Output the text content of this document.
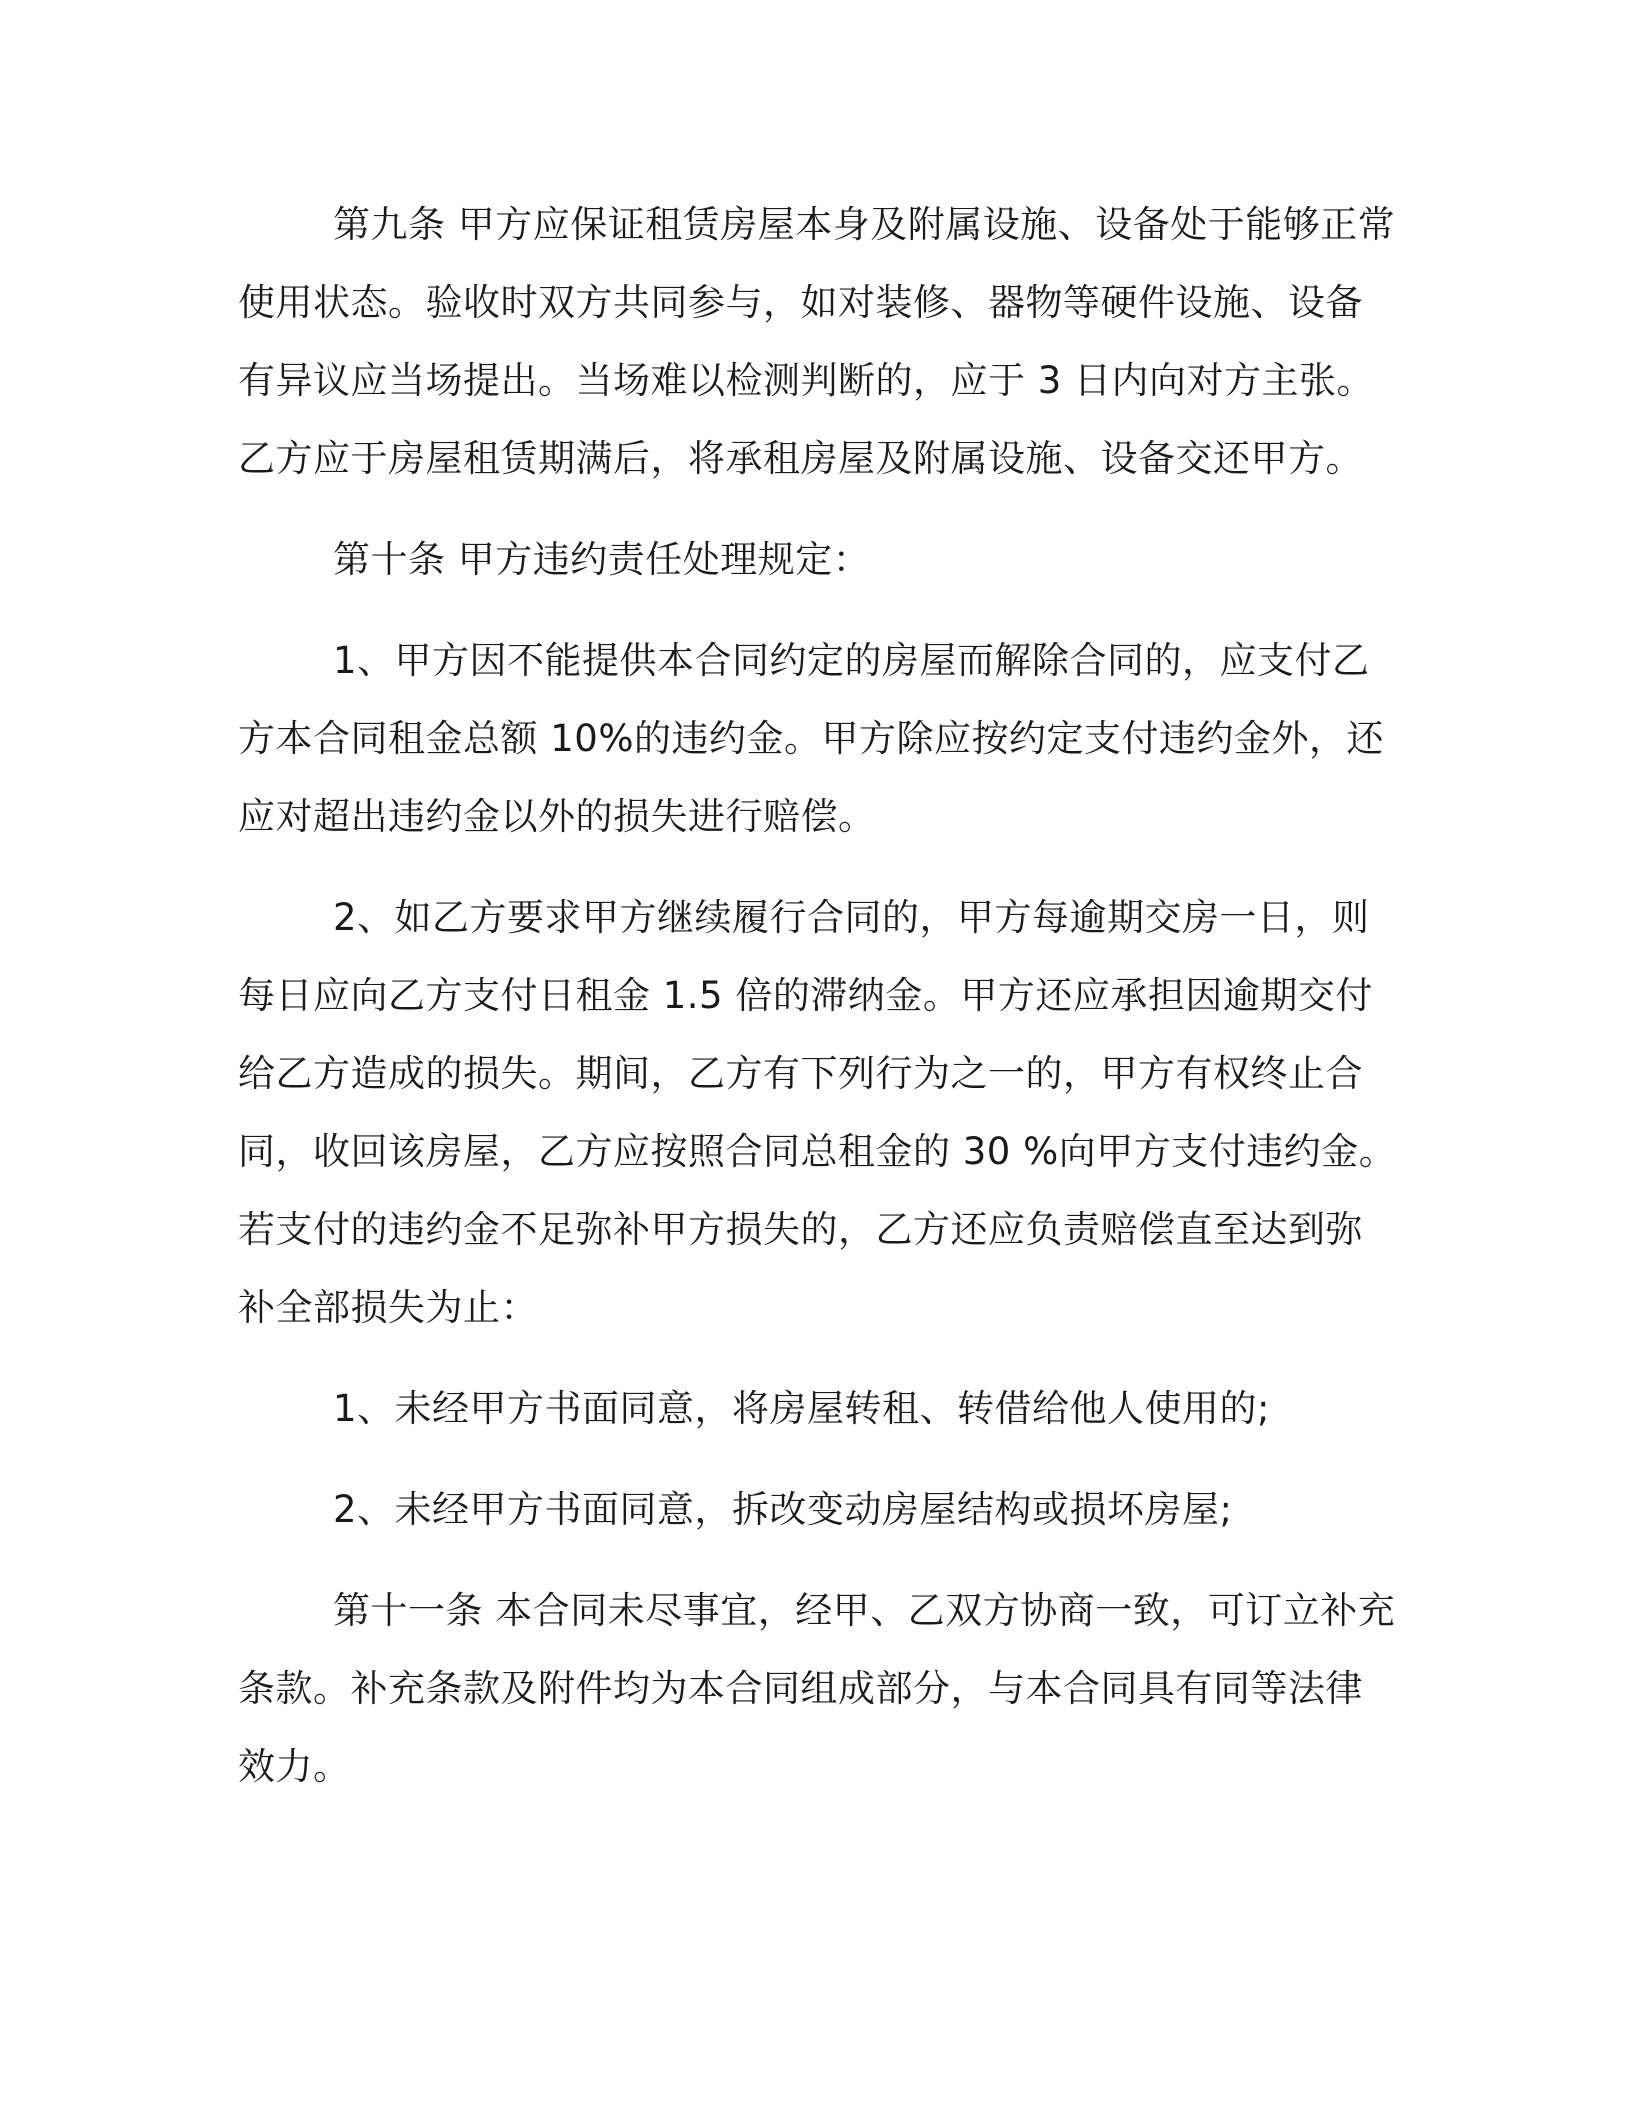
第九条 甲方应保证租赁房屋本身及附属设施、设备处于能够正常
使用状态。验收时双方共同参与，如对装修、器物等硬件设施、设备
有异议应当场提出。当场难以检测判断的，应于 3 日内向对方主张。
乙方应于房屋租赁期满后，将承租房屋及附属设施、设备交还甲方。

第十条 甲方违约责任处理规定：

1、甲方因不能提供本合同约定的房屋而解除合同的，应支付乙
方本合同租金总额 10%的违约金。甲方除应按约定支付违约金外，还
应对超出违约金以外的损失进行赔偿。

2、如乙方要求甲方继续履行合同的，甲方每逾期交房一日，则
每日应向乙方支付日租金 1.5 倍的滞纳金。甲方还应承担因逾期交付
给乙方造成的损失。期间，乙方有下列行为之一的，甲方有权终止合
同，收回该房屋，乙方应按照合同总租金的 30 %向甲方支付违约金。
若支付的违约金不足弥补甲方损失的，乙方还应负责赔偿直至达到弥
补全部损失为止：

1、未经甲方书面同意，将房屋转租、转借给他人使用的;

2、未经甲方书面同意，拆改变动房屋结构或损坏房屋;

第十一条 本合同未尽事宜，经甲、乙双方协商一致，可订立补充
条款。补充条款及附件均为本合同组成部分，与本合同具有同等法律
效力。
